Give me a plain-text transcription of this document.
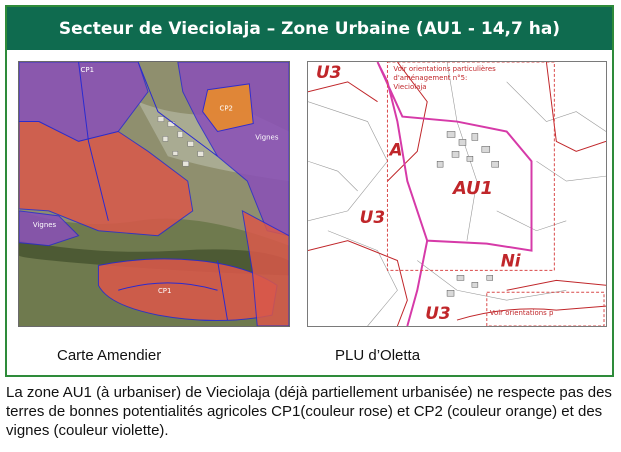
Secteur de Vieciolaja – Zone Urbaine (AU1 - 14,7 ha)
CP1
CP2
Vignes
Vignes
CP1
U3
A
AU1
U3
Ni
U3
Voir orientations particulières
d'aménagement n°5:
Vieciolaja
Voir orientations p
Carte Amendier	PLU d’Oletta
La zone AU1 (à urbaniser) de Vieciolaja (déjà partiellement urbanisée) ne respecte pas des terres de bonnes potentialités agricoles CP1(couleur rose) et CP2 (couleur orange) et des vignes (couleur violette).
